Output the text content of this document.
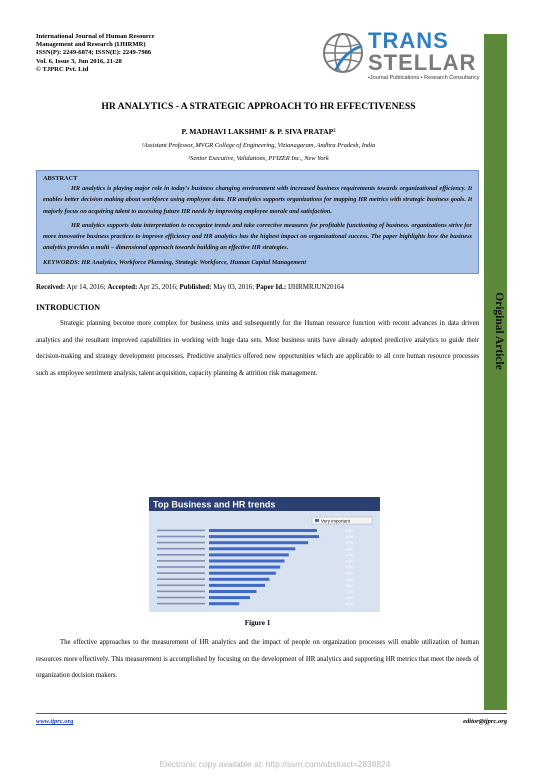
International Journal of Human Resource
Management and Research (IJHRMR)
ISSN(P): 2249-6874; ISSN(E): 2249-7986
Vol. 6, Issue 3, Jun 2016, 21-28
© TJPRC Pvt. Ltd
TRANS
STELLAR
•Journal Publications • Research Consultancy
Original Article
HR ANALYTICS - A STRATEGIC APPROACH TO HR EFFECTIVENESS
P. MADHAVI LAKSHMI¹ & P. SIVA PRATAP²
¹Assistant Professor, MVGR College of Engineering, Vizianagaram, Andhra Pradesh, India
²Senior Executive, Validations, PFIZER Inc., New York
ABSTRACT

HR analytics is playing major role in today's business changing environment with increased business requirements towards organizational efficiency. It enables better decision making about workforce using employee data. HR analytics supports organizations for mapping HR metrics with strategic business goals. It majorly focus on acquiring talent to assessing future HR needs by improving employee morale and satisfaction.

HR analytics supports data interpretation to recognize trends and take corrective measures for profitable functioning of business. organizations strive for more innovative business practices to improve efficiency and HR analytics has the highest impact on organizational success. The paper highlights how the business analytics provides a multi – dimensional approach towards building an effective HR strategies.

KEYWORDS: HR Analytics, Workforce Planning, Strategic Workforce, Human Capital Management
Received: Apr 14, 2016; Accepted: Apr 25, 2016; Published: May 03, 2016; Paper Id.: IJHRMRJUN20164
INTRODUCTION

Strategic planning become more complex for business units and subsequently for the Human resource function with recent advances in data driven analytics and the resultant improved capabilities in working with huge data sets. Most business units have already adopted predictive analytics to guide their decision-making and strategy development processes. Predictive analytics offered new opportunities which are applicable to all core human resource processes such as employee sentiment analysis, talent acquisition, capacity planning & attrition risk management.

Top Business and HR trends
Very important
50%
51%
46%
40%
37%
35%
33%
31%
28%
26%
22%
19%
14%
Figure 1

The effective approaches to the measurement of HR analytics and the impact of people on organization processes will enable utilization of human resources more effectively. This measurement is accomplished by focusing on the development of HR analytics and supporting HR metrics that meet the needs of organization decision makers.

www.tjprc.org	editor@tjprc.org
Electronic copy available at: http://ssrn.com/abstract=2838824
